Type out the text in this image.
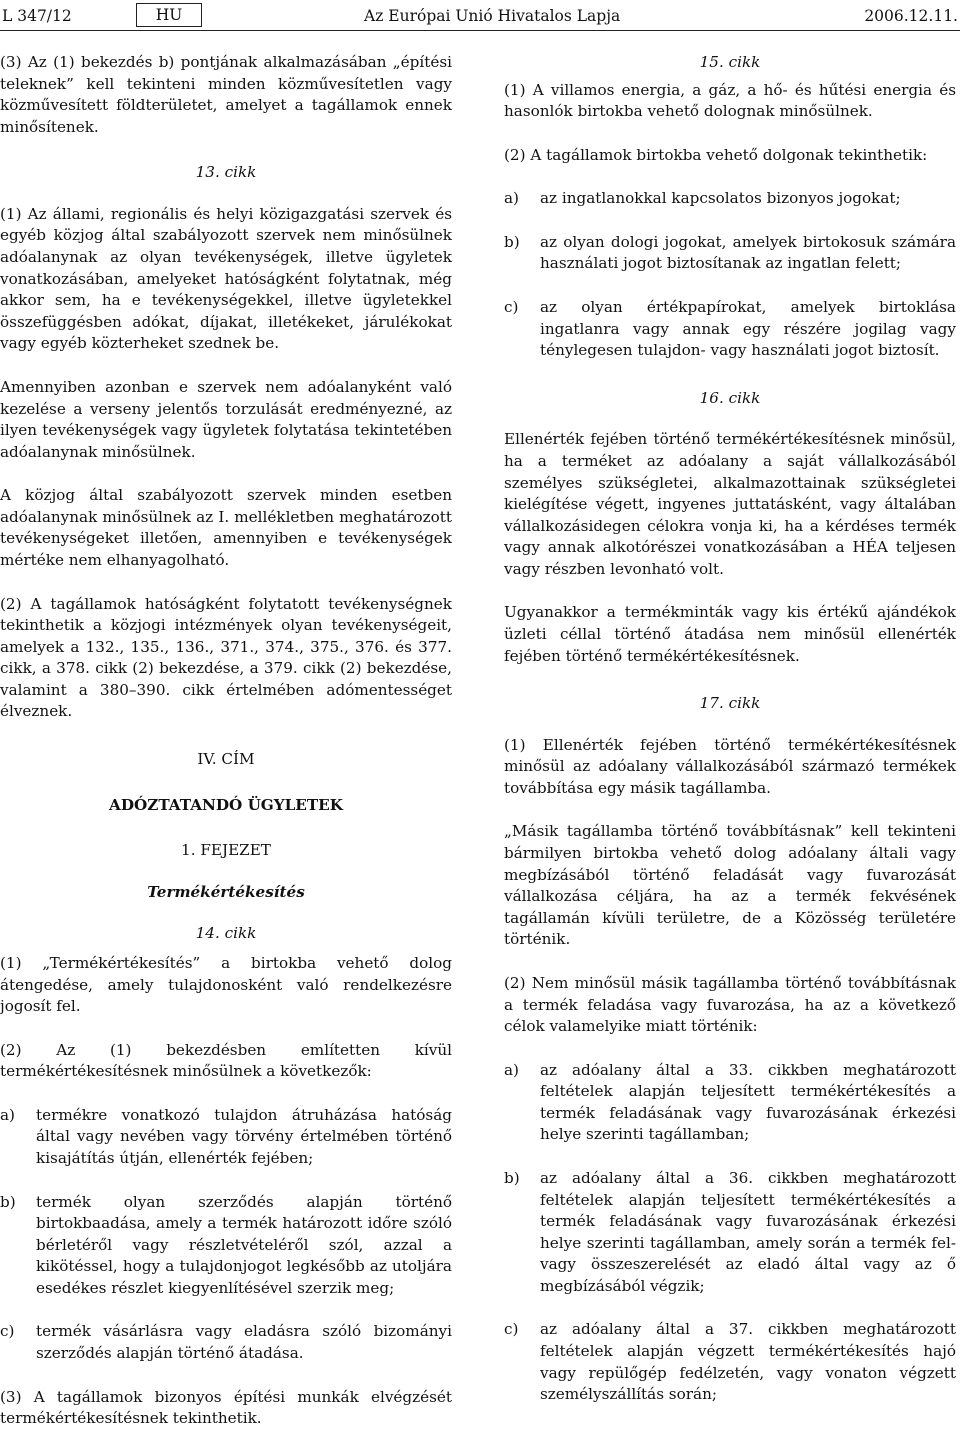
L 347/12	HU	Az Európai Unió Hivatalos Lapja	2006.12.11.

(3) Az (1) bekezdés b) pontjának alkalmazásában „építési teleknek” kell tekinteni minden közművesítetlen vagy közművesített földterületet, amelyet a tagállamok ennek minősítenek.

13. cikk

(1) Az állami, regionális és helyi közigazgatási szervek és egyéb közjog által szabályozott szervek nem minősülnek adóalanynak az olyan tevékenységek, illetve ügyletek vonatkozásában, amelyeket hatóságként folytatnak, még akkor sem, ha e tevékenységekkel, illetve ügyletekkel összefüggésben adókat, díjakat, illetékeket, járulékokat vagy egyéb közterheket szednek be.

Amennyiben azonban e szervek nem adóalanyként való kezelése a verseny jelentős torzulását eredményezné, az ilyen tevékenységek vagy ügyletek folytatása tekintetében adóalanynak minősülnek.

A közjog által szabályozott szervek minden esetben adóalanynak minősülnek az I. mellékletben meghatározott tevékenységeket illetően, amennyiben e tevékenységek mértéke nem elhanyagolható.

(2) A tagállamok hatóságként folytatott tevékenységnek tekinthetik a közjogi intézmények olyan tevékenységeit, amelyek a 132., 135., 136., 371., 374., 375., 376. és 377. cikk, a 378. cikk (2) bekezdése, a 379. cikk (2) bekezdése, valamint a 380–390. cikk értelmében adómentességet élveznek.

IV. CÍM

ADÓZTATANDÓ ÜGYLETEK

1. FEJEZET

Termékértékesítés

14. cikk

(1) „Termékértékesítés” a birtokba vehető dolog átengedése, amely tulajdonosként való rendelkezésre jogosít fel.

(2) Az (1) bekezdésben említetten kívül termékértékesítésnek minősülnek a következők:

a)	termékre vonatkozó tulajdon átruházása hatóság által vagy nevében vagy törvény értelmében történő kisajátítás útján, ellenérték fejében;
b)	termék olyan szerződés alapján történő birtokbaadása, amely a termék határozott időre szóló bérletéről vagy részletvételéről szól, azzal a kikötéssel, hogy a tulajdonjogot legkésőbb az utoljára esedékes részlet kiegyenlítésével szerzik meg;
c)	termék vásárlásra vagy eladásra szóló bizományi szerződés alapján történő átadása.

(3) A tagállamok bizonyos építési munkák elvégzését termékértékesítésnek tekinthetik.

15. cikk

(1) A villamos energia, a gáz, a hő- és hűtési energia és hasonlók birtokba vehető dolognak minősülnek.

(2) A tagállamok birtokba vehető dolgonak tekinthetik:

a)	az ingatlanokkal kapcsolatos bizonyos jogokat;
b)	az olyan dologi jogokat, amelyek birtokosuk számára használati jogot biztosítanak az ingatlan felett;
c)	az olyan értékpapírokat, amelyek birtoklása ingatlanra vagy annak egy részére jogilag vagy ténylegesen tulajdon- vagy használati jogot biztosít.

16. cikk

Ellenérték fejében történő termékértékesítésnek minősül, ha a terméket az adóalany a saját vállalkozásából személyes szükségletei, alkalmazottainak szükségletei kielégítése végett, ingyenes juttatásként, vagy általában vállalkozásidegen célokra vonja ki, ha a kérdéses termék vagy annak alkotórészei vonatkozásában a HÉA teljesen vagy részben levonható volt.

Ugyanakkor a termékminták vagy kis értékű ajándékok üzleti céllal történő átadása nem minősül ellenérték fejében történő termékértékesítésnek.

17. cikk

(1) Ellenérték fejében történő termékértékesítésnek minősül az adóalany vállalkozásából származó termékek továbbítása egy másik tagállamba.

„Másik tagállamba történő továbbításnak” kell tekinteni bármilyen birtokba vehető dolog adóalany általi vagy megbízásából történő feladását vagy fuvarozását vállalkozása céljára, ha az a termék fekvésének tagállamán kívüli területre, de a Közösség területére történik.

(2) Nem minősül másik tagállamba történő továbbításnak a termék feladása vagy fuvarozása, ha az a következő célok valamelyike miatt történik:

a)	az adóalany által a 33. cikkben meghatározott feltételek alapján teljesített termékértékesítés a termék feladásának vagy fuvarozásának érkezési helye szerinti tagállamban;
b)	az adóalany által a 36. cikkben meghatározott feltételek alapján teljesített termékértékesítés a termék feladásának vagy fuvarozásának érkezési helye szerinti tagállamban, amely során a termék fel- vagy összeszerelését az eladó által vagy az ő megbízásából végzik;
c)	az adóalany által a 37. cikkben meghatározott feltételek alapján végzett termékértékesítés hajó vagy repülőgép fedélzetén, vagy vonaton végzett személyszállítás során;
